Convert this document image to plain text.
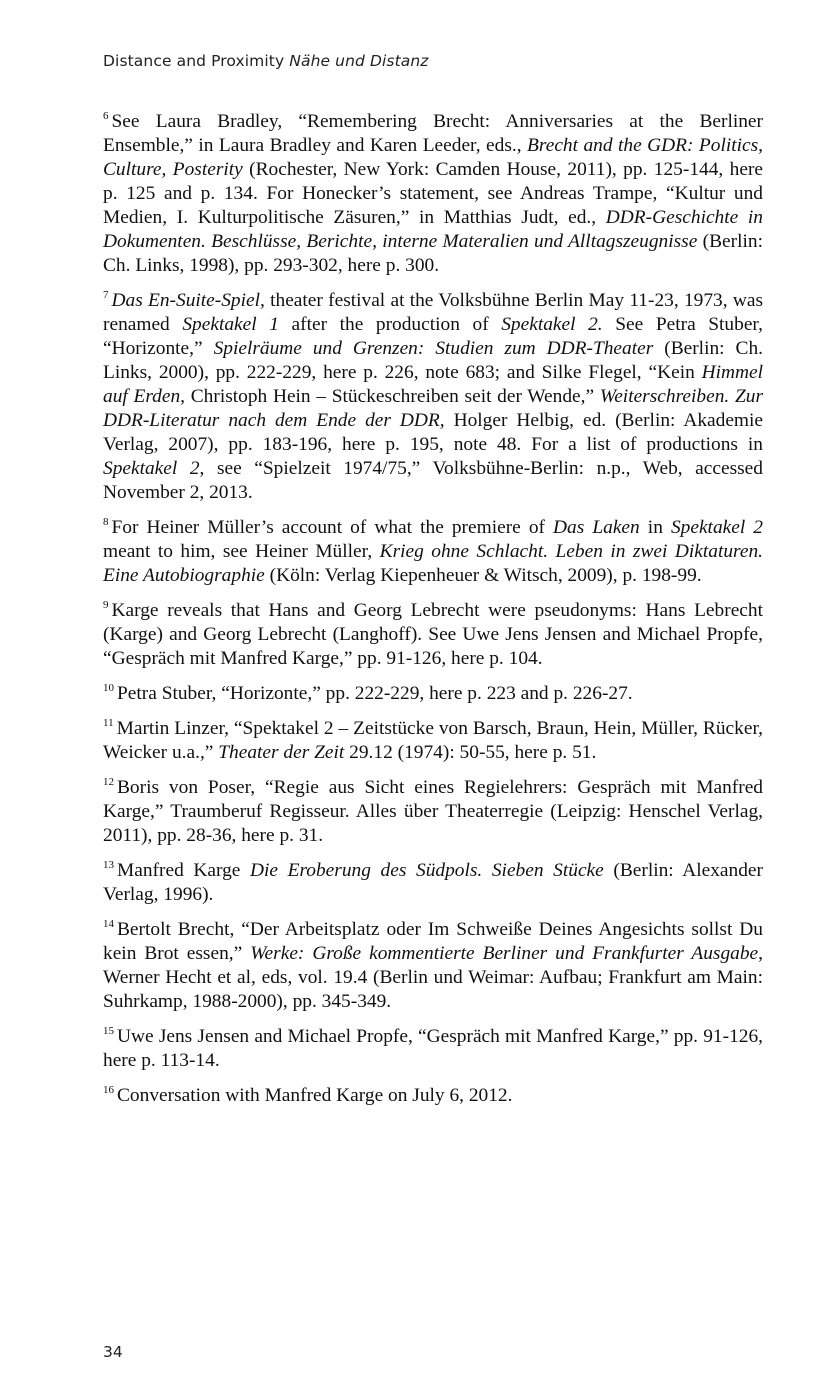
Distance and Proximity Nähe und Distanz

$^6$ See Laura Bradley, “Remembering Brecht: Anniversaries at the Berliner Ensemble,” in Laura Bradley and Karen Leeder, eds., Brecht and the GDR: Politics, Culture, Posterity (Rochester, New York: Camden House, 2011), pp. 125-144, here p. 125 and p. 134. For Honecker’s statement, see Andreas Trampe, “Kultur und Medien, I. Kulturpolitische Zäsuren,” in Matthias Judt, ed., DDR-Geschichte in Dokumenten. Beschlüsse, Berichte, interne Materalien und Alltagszeugnisse (Berlin: Ch. Links, 1998), pp. 293-302, here p. 300.

$^7$ Das En-Suite-Spiel, theater festival at the Volksbühne Berlin May 11-23, 1973, was renamed Spektakel 1 after the production of Spektakel 2. See Petra Stuber, “Horizonte,” Spielräume und Grenzen: Studien zum DDR-Theater (Berlin: Ch. Links, 2000), pp. 222-229, here p. 226, note 683; and Silke Flegel, “Kein Himmel auf Erden, Christoph Hein – Stückeschreiben seit der Wende,” Weiterschreiben. Zur DDR-Literatur nach dem Ende der DDR, Holger Helbig, ed. (Berlin: Akademie Verlag, 2007), pp. 183-196, here p. 195, note 48. For a list of productions in Spektakel 2, see “Spielzeit 1974/75,” Volksbühne-Berlin: n.p., Web, accessed November 2, 2013.

$^8$ For Heiner Müller’s account of what the premiere of Das Laken in Spektakel 2 meant to him, see Heiner Müller, Krieg ohne Schlacht. Leben in zwei Diktaturen. Eine Autobiographie (Köln: Verlag Kiepenheuer & Witsch, 2009), p. 198-99.

$^9$ Karge reveals that Hans and Georg Lebrecht were pseudonyms: Hans Lebrecht (Karge) and Georg Lebrecht (Langhoff). See Uwe Jens Jensen and Michael Propfe, “Gespräch mit Manfred Karge,” pp. 91-126, here p. 104.

$^{10}$ Petra Stuber, “Horizonte,” pp. 222-229, here p. 223 and p. 226-27.

$^{11}$ Martin Linzer, “Spektakel 2 – Zeitstücke von Barsch, Braun, Hein, Müller, Rücker, Weicker u.a.,” Theater der Zeit 29.12 (1974): 50-55, here p. 51.

$^{12}$ Boris von Poser, “Regie aus Sicht eines Regielehrers: Gespräch mit Manfred Karge,” Traumberuf Regisseur. Alles über Theaterregie (Leipzig: Henschel Verlag, 2011), pp. 28-36, here p. 31.

$^{13}$ Manfred Karge Die Eroberung des Südpols. Sieben Stücke (Berlin: Alexander Verlag, 1996).

$^{14}$ Bertolt Brecht, “Der Arbeitsplatz oder Im Schweiße Deines Angesichts sollst Du kein Brot essen,” Werke: Große kommentierte Berliner und Frankfurter Ausgabe, Werner Hecht et al, eds, vol. 19.4 (Berlin und Weimar: Aufbau; Frankfurt am Main: Suhrkamp, 1988-2000), pp. 345-349.

$^{15}$ Uwe Jens Jensen and Michael Propfe, “Gespräch mit Manfred Karge,” pp. 91-126, here p. 113-14.

$^{16}$ Conversation with Manfred Karge on July 6, 2012.

34
